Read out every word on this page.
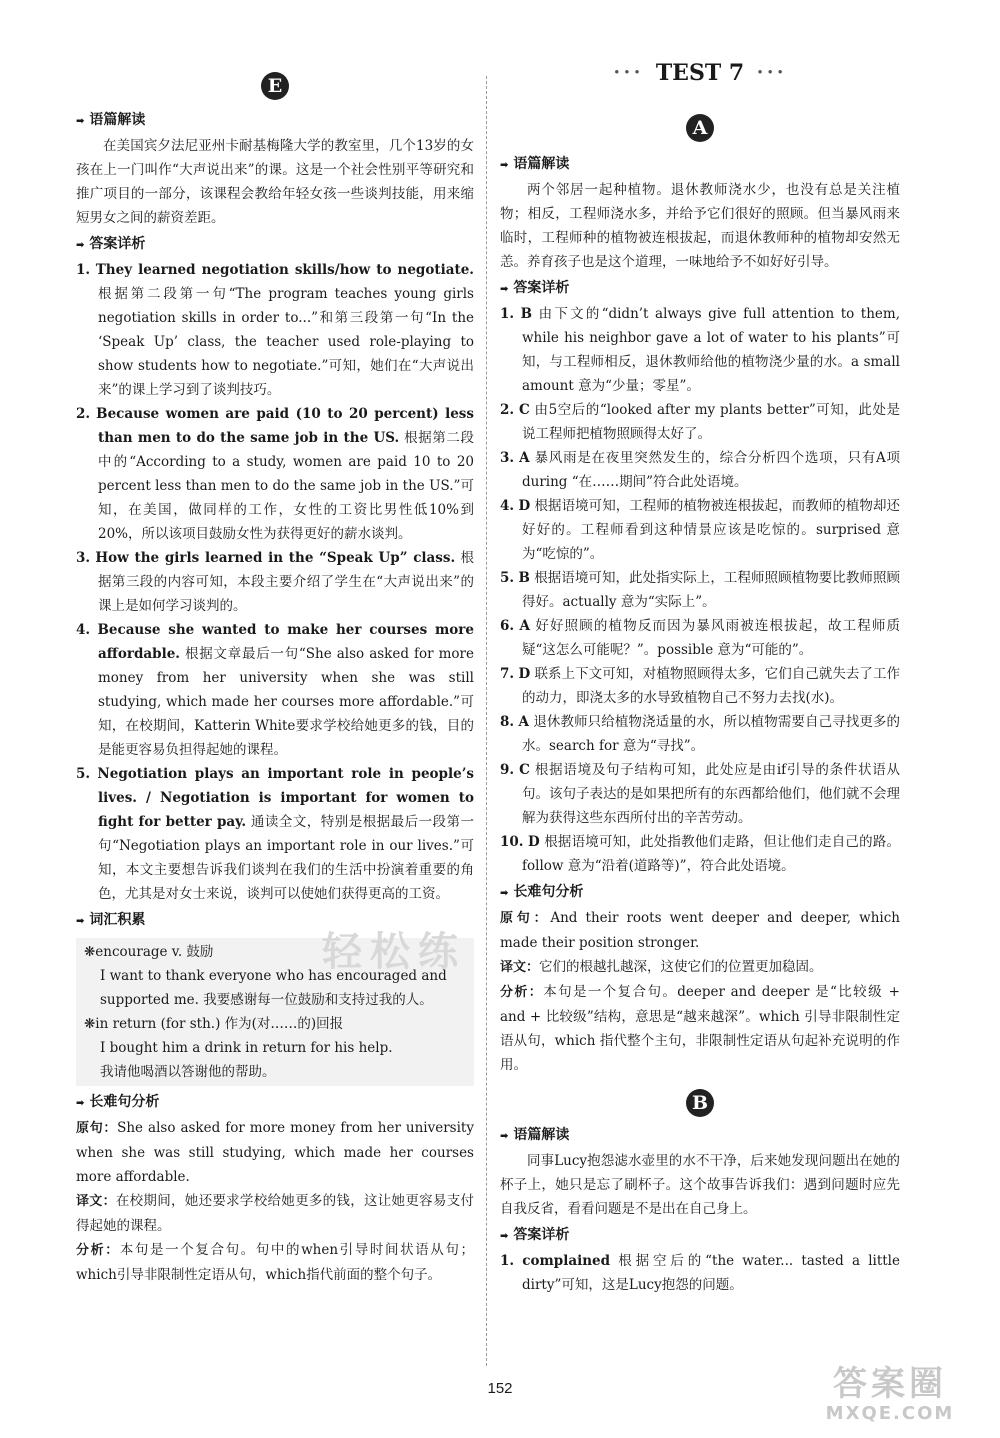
E
➡ 语篇解读
在美国宾夕法尼亚州卡耐基梅隆大学的教室里，几个13岁的女孩在上一门叫作“大声说出来”的课。这是一个社会性别平等研究和推广项目的一部分，该课程会教给年轻女孩一些谈判技能，用来缩短男女之间的薪资差距。
➡ 答案详析
1. They learned negotiation skills/how to negotiate. 根据第二段第一句“The program teaches young girls negotiation skills in order to...”和第三段第一句“In the ‘Speak Up’ class, the teacher used role-playing to show students how to negotiate.”可知，她们在“大声说出来”的课上学习到了谈判技巧。
2. Because women are paid (10 to 20 percent) less than men to do the same job in the US. 根据第二段中的“According to a study, women are paid 10 to 20 percent less than men to do the same job in the US.”可知，在美国，做同样的工作，女性的工资比男性低10%到20%，所以该项目鼓励女性为获得更好的薪水谈判。
3. How the girls learned in the “Speak Up” class. 根据第三段的内容可知，本段主要介绍了学生在“大声说出来”的课上是如何学习谈判的。
4. Because she wanted to make her courses more affordable. 根据文章最后一句“She also asked for more money from her university when she was still studying, which made her courses more affordable.”可知，在校期间，Katterin White要求学校给她更多的钱，目的是能更容易负担得起她的课程。
5. Negotiation plays an important role in people’s lives. / Negotiation is important for women to fight for better pay. 通读全文，特别是根据最后一段第一句“Negotiation plays an important role in our lives.”可知，本文主要想告诉我们谈判在我们的生活中扮演着重要的角色，尤其是对女士来说，谈判可以使她们获得更高的工资。
➡ 词汇积累
轻松练
❋encourage v. 鼓励
I want to thank everyone who has encouraged and supported me. 我要感谢每一位鼓励和支持过我的人。
❋in return (for sth.) 作为(对……的)回报
I bought him a drink in return for his help.
我请他喝酒以答谢他的帮助。
➡ 长难句分析
原句：She also asked for more money from her university when she was still studying, which made her courses more affordable.
译文：在校期间，她还要求学校给她更多的钱，这让她更容易支付得起她的课程。
分析：本句是一个复合句。句中的when引导时间状语从句；which引导非限制性定语从句，which指代前面的整个句子。
••• TEST 7 •••
A
➡ 语篇解读
两个邻居一起种植物。退休教师浇水少，也没有总是关注植物；相反，工程师浇水多，并给予它们很好的照顾。但当暴风雨来临时，工程师种的植物被连根拔起，而退休教师种的植物却安然无恙。养育孩子也是这个道理，一味地给予不如好好引导。
➡ 答案详析
1. B 由下文的“didn’t always give full attention to them, while his neighbor gave a lot of water to his plants”可知，与工程师相反，退休教师给他的植物浇少量的水。a small amount 意为“少量；零星”。
2. C 由5空后的“looked after my plants better”可知，此处是说工程师把植物照顾得太好了。
3. A 暴风雨是在夜里突然发生的，综合分析四个选项，只有A项 during “在……期间”符合此处语境。
4. D 根据语境可知，工程师的植物被连根拔起，而教师的植物却还好好的。工程师看到这种情景应该是吃惊的。surprised 意为“吃惊的”。
5. B 根据语境可知，此处指实际上，工程师照顾植物要比教师照顾得好。actually 意为“实际上”。
6. A 好好照顾的植物反而因为暴风雨被连根拔起，故工程师质疑“这怎么可能呢？”。possible 意为“可能的”。
7. D 联系上下文可知，对植物照顾得太多，它们自己就失去了工作的动力，即浇太多的水导致植物自己不努力去找(水)。
8. A 退休教师只给植物浇适量的水，所以植物需要自己寻找更多的水。search for 意为“寻找”。
9. C 根据语境及句子结构可知，此处应是由if引导的条件状语从句。该句子表达的是如果把所有的东西都给他们，他们就不会理解为获得这些东西所付出的辛苦劳动。
10. D 根据语境可知，此处指教他们走路，但让他们走自己的路。follow 意为“沿着(道路等)”，符合此处语境。
➡ 长难句分析
原句：And their roots went deeper and deeper, which made their position stronger.
译文：它们的根越扎越深，这使它们的位置更加稳固。
分析：本句是一个复合句。deeper and deeper 是“比较级 + and + 比较级”结构，意思是“越来越深”。which 引导非限制性定语从句，which 指代整个主句，非限制性定语从句起补充说明的作用。
B
➡ 语篇解读
同事Lucy抱怨滤水壶里的水不干净，后来她发现问题出在她的杯子上，她只是忘了刷杯子。这个故事告诉我们：遇到问题时应先自我反省，看看问题是不是出在自己身上。
➡ 答案详析
1. complained 根据空后的“the water... tasted a little dirty”可知，这是Lucy抱怨的问题。
152	答案圈
MXQE.COM
